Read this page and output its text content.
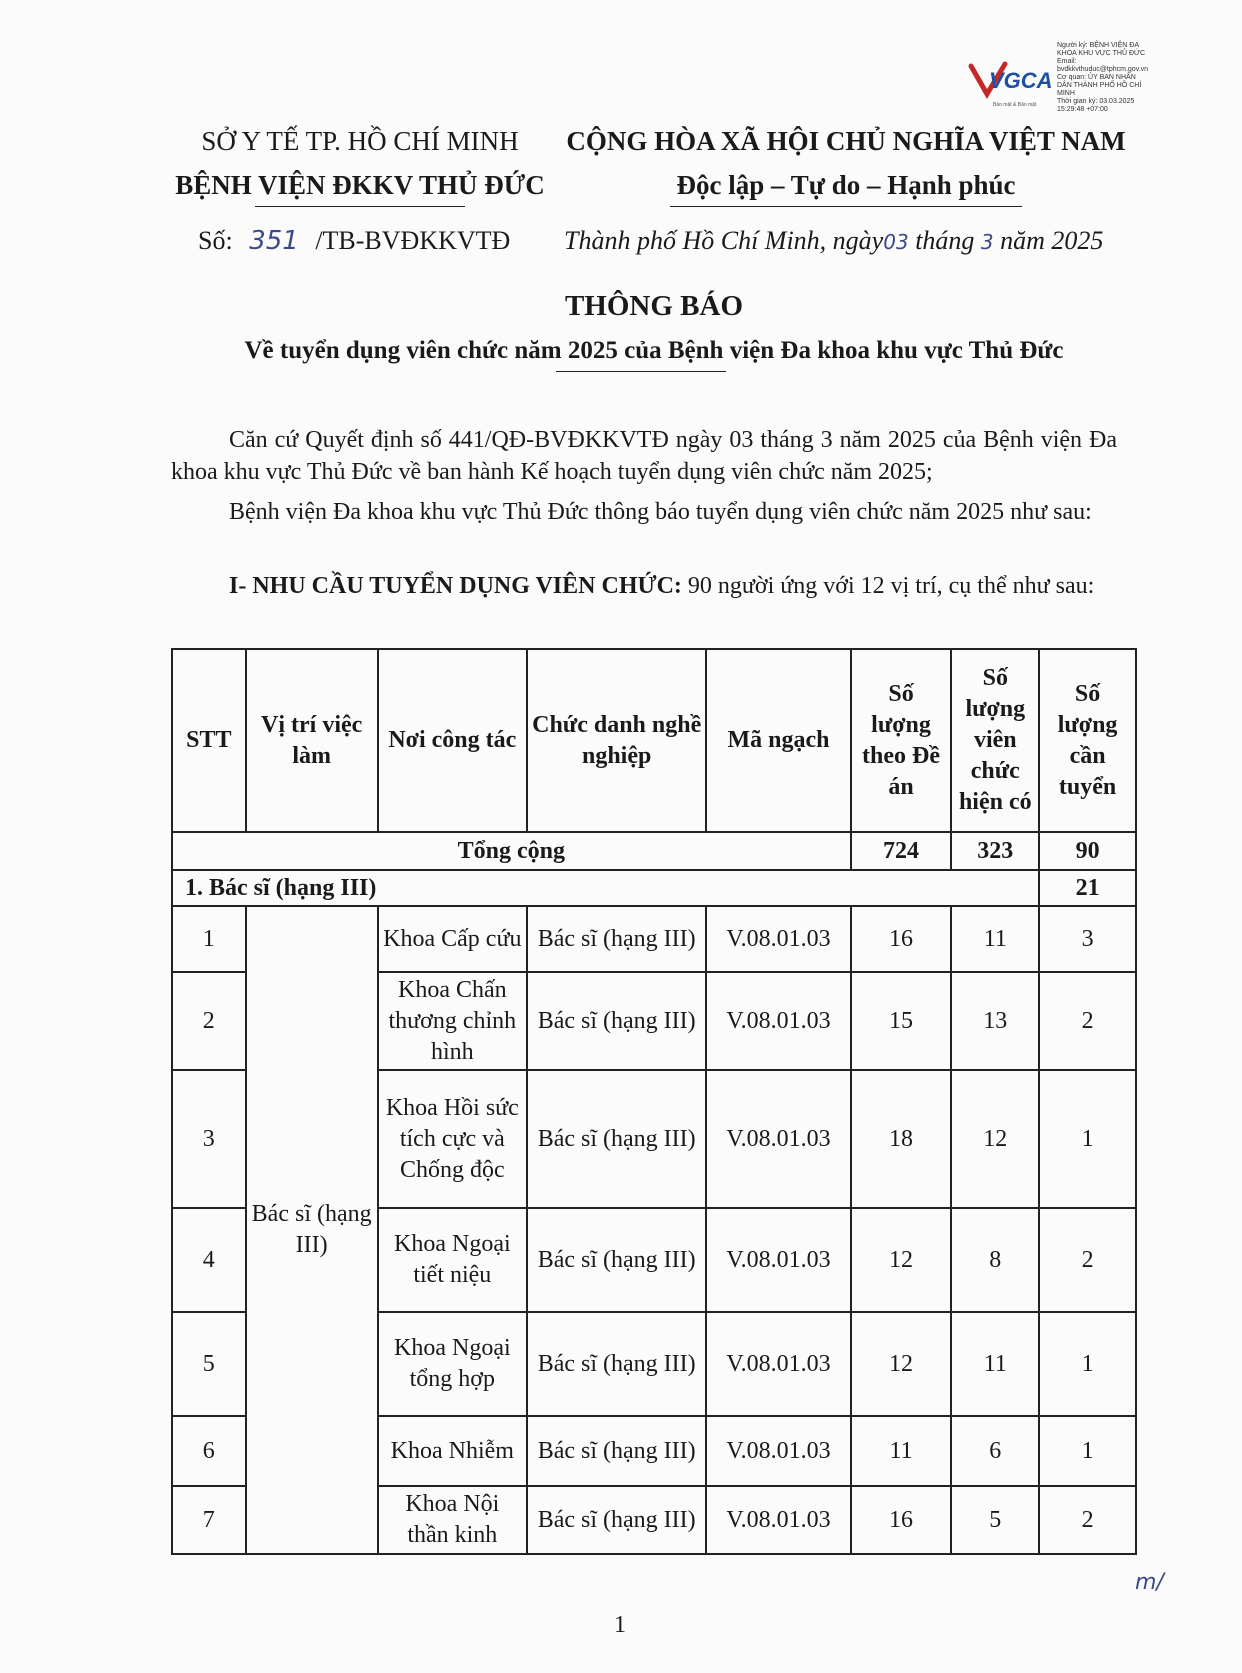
VGCA
Bảo mật & Bảo mật
Người ký: BỆNH VIỆN ĐA
KHOA KHU VỰC THỦ ĐỨC
Email:
bvdkkvthuduc@tphcm.gov.vn
Cơ quan: ỦY BAN NHÂN
DÂN THÀNH PHỐ HỒ CHÍ
MINH
Thời gian ký: 03.03.2025
15:29:48 +07:00
SỞ Y TẾ TP. HỒ CHÍ MINH
BỆNH VIỆN ĐKKV THỦ ĐỨC
Số: 351 /TB-BVĐKKVTĐ
CỘNG HÒA XÃ HỘI CHỦ NGHĨA VIỆT NAM
Độc lập – Tự do – Hạnh phúc
Thành phố Hồ Chí Minh, ngày03 tháng 3 năm 2025
THÔNG BÁO
Về tuyển dụng viên chức năm 2025 của Bệnh viện Đa khoa khu vực Thủ Đức
Căn cứ Quyết định số 441/QĐ-BVĐKKVTĐ ngày 03 tháng 3 năm 2025 của Bệnh viện Đa khoa khu vực Thủ Đức về ban hành Kế hoạch tuyển dụng viên chức năm 2025;
Bệnh viện Đa khoa khu vực Thủ Đức thông báo tuyển dụng viên chức năm 2025 như sau:
I- NHU CẦU TUYỂN DỤNG VIÊN CHỨC: 90 người ứng với 12 vị trí, cụ thể như sau:
STT	Vị trí việc làm	Nơi công tác	Chức danh nghề nghiệp	Mã ngạch	Số lượng theo Đề án	Số lượng viên chức hiện có	Số lượng cần tuyển
Tổng cộng					724	323	90
1. Bác sĩ (hạng III)							21
1	Bác sĩ (hạng III)	Khoa Cấp cứu	Bác sĩ (hạng III)	V.08.01.03	16	11	3
2		Khoa Chấn thương chỉnh hình	Bác sĩ (hạng III)	V.08.01.03	15	13	2
3		Khoa Hồi sức tích cực và Chống độc	Bác sĩ (hạng III)	V.08.01.03	18	12	1
4		Khoa Ngoại tiết niệu	Bác sĩ (hạng III)	V.08.01.03	12	8	2
5		Khoa Ngoại tổng hợp	Bác sĩ (hạng III)	V.08.01.03	12	11	1
6		Khoa Nhiễm	Bác sĩ (hạng III)	V.08.01.03	11	6	1
7		Khoa Nội thần kinh	Bác sĩ (hạng III)	V.08.01.03	16	5	2
m/
1
